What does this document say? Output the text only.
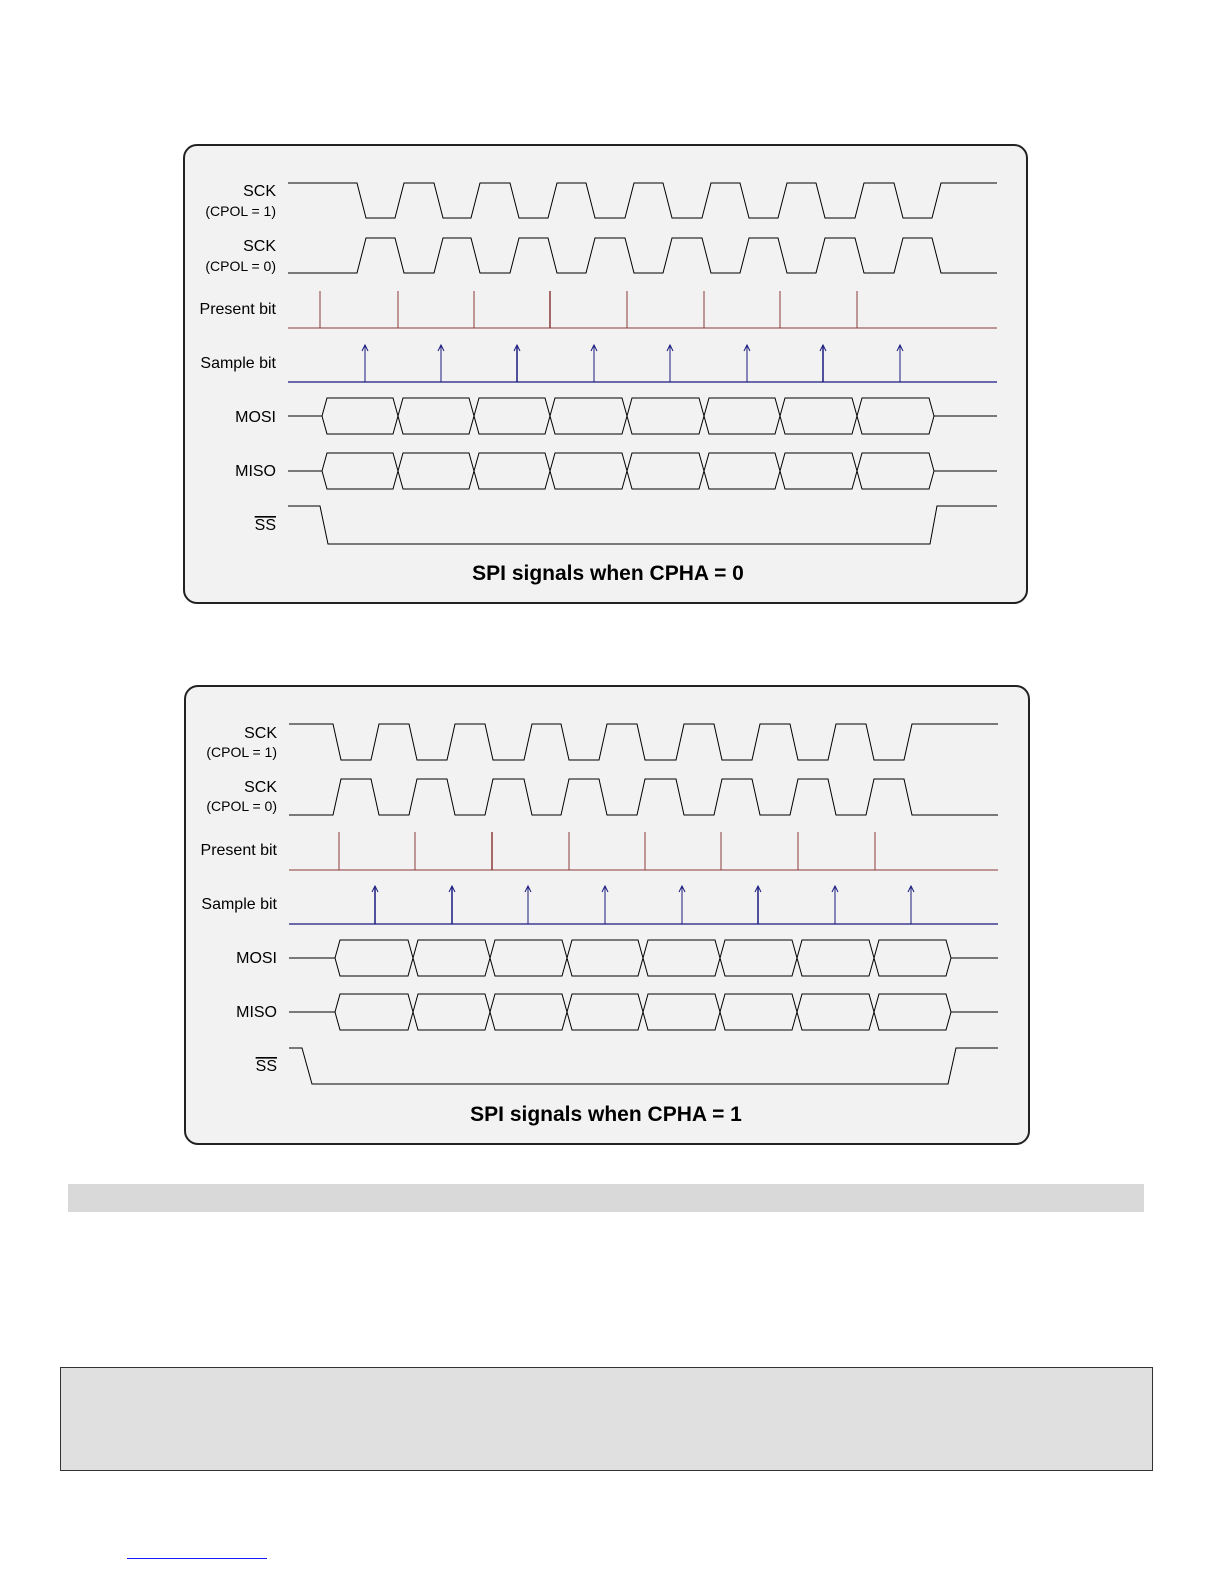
SCK
(CPOL = 1)
SCK
(CPOL = 0)
Present bit
Sample bit
MOSI
MISO
SS
SPI signals when CPHA = 0
SCK
(CPOL = 1)
SCK
(CPOL = 0)
Present bit
Sample bit
MOSI
MISO
SS
SPI signals when CPHA = 1
